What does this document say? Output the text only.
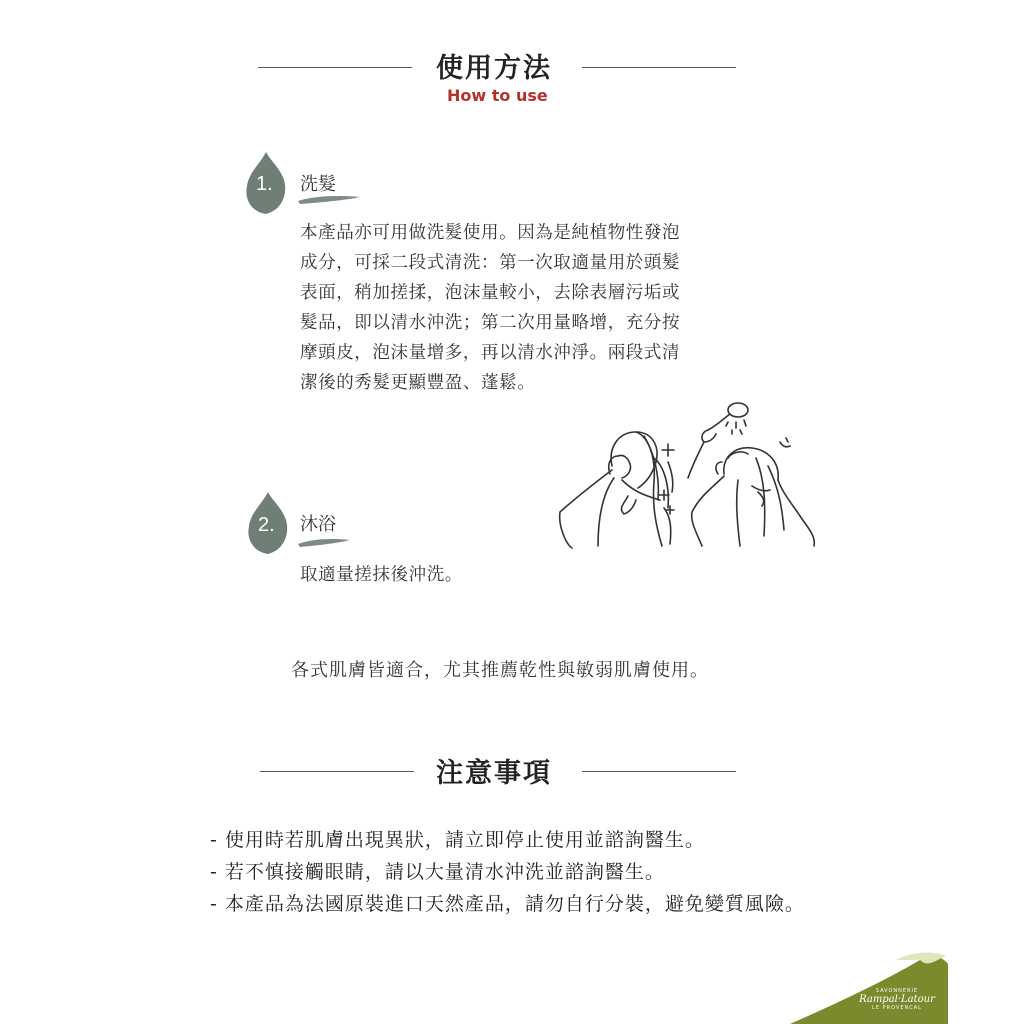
使用方法
How to use
1. 洗髮
本產品亦可用做洗髮使用。因為是純植物性發泡
成分，可採二段式清洗：第一次取適量用於頭髮
表面，稍加搓揉，泡沫量較小，去除表層污垢或
髮品，即以清水沖洗；第二次用量略增，充分按
摩頭皮，泡沫量增多，再以清水沖淨。兩段式清
潔後的秀髮更顯豐盈、蓬鬆。
2. 沐浴
取適量搓抹後沖洗。
各式肌膚皆適合，尤其推薦乾性與敏弱肌膚使用。
注意事項
- 使用時若肌膚出現異狀，請立即停止使用並諮詢醫生。
- 若不慎接觸眼睛，請以大量清水沖洗並諮詢醫生。
- 本產品為法國原裝進口天然產品，請勿自行分裝，避免變質風險。
SAVONNERIE
Rampal·Latour
LE PROVENCAL
